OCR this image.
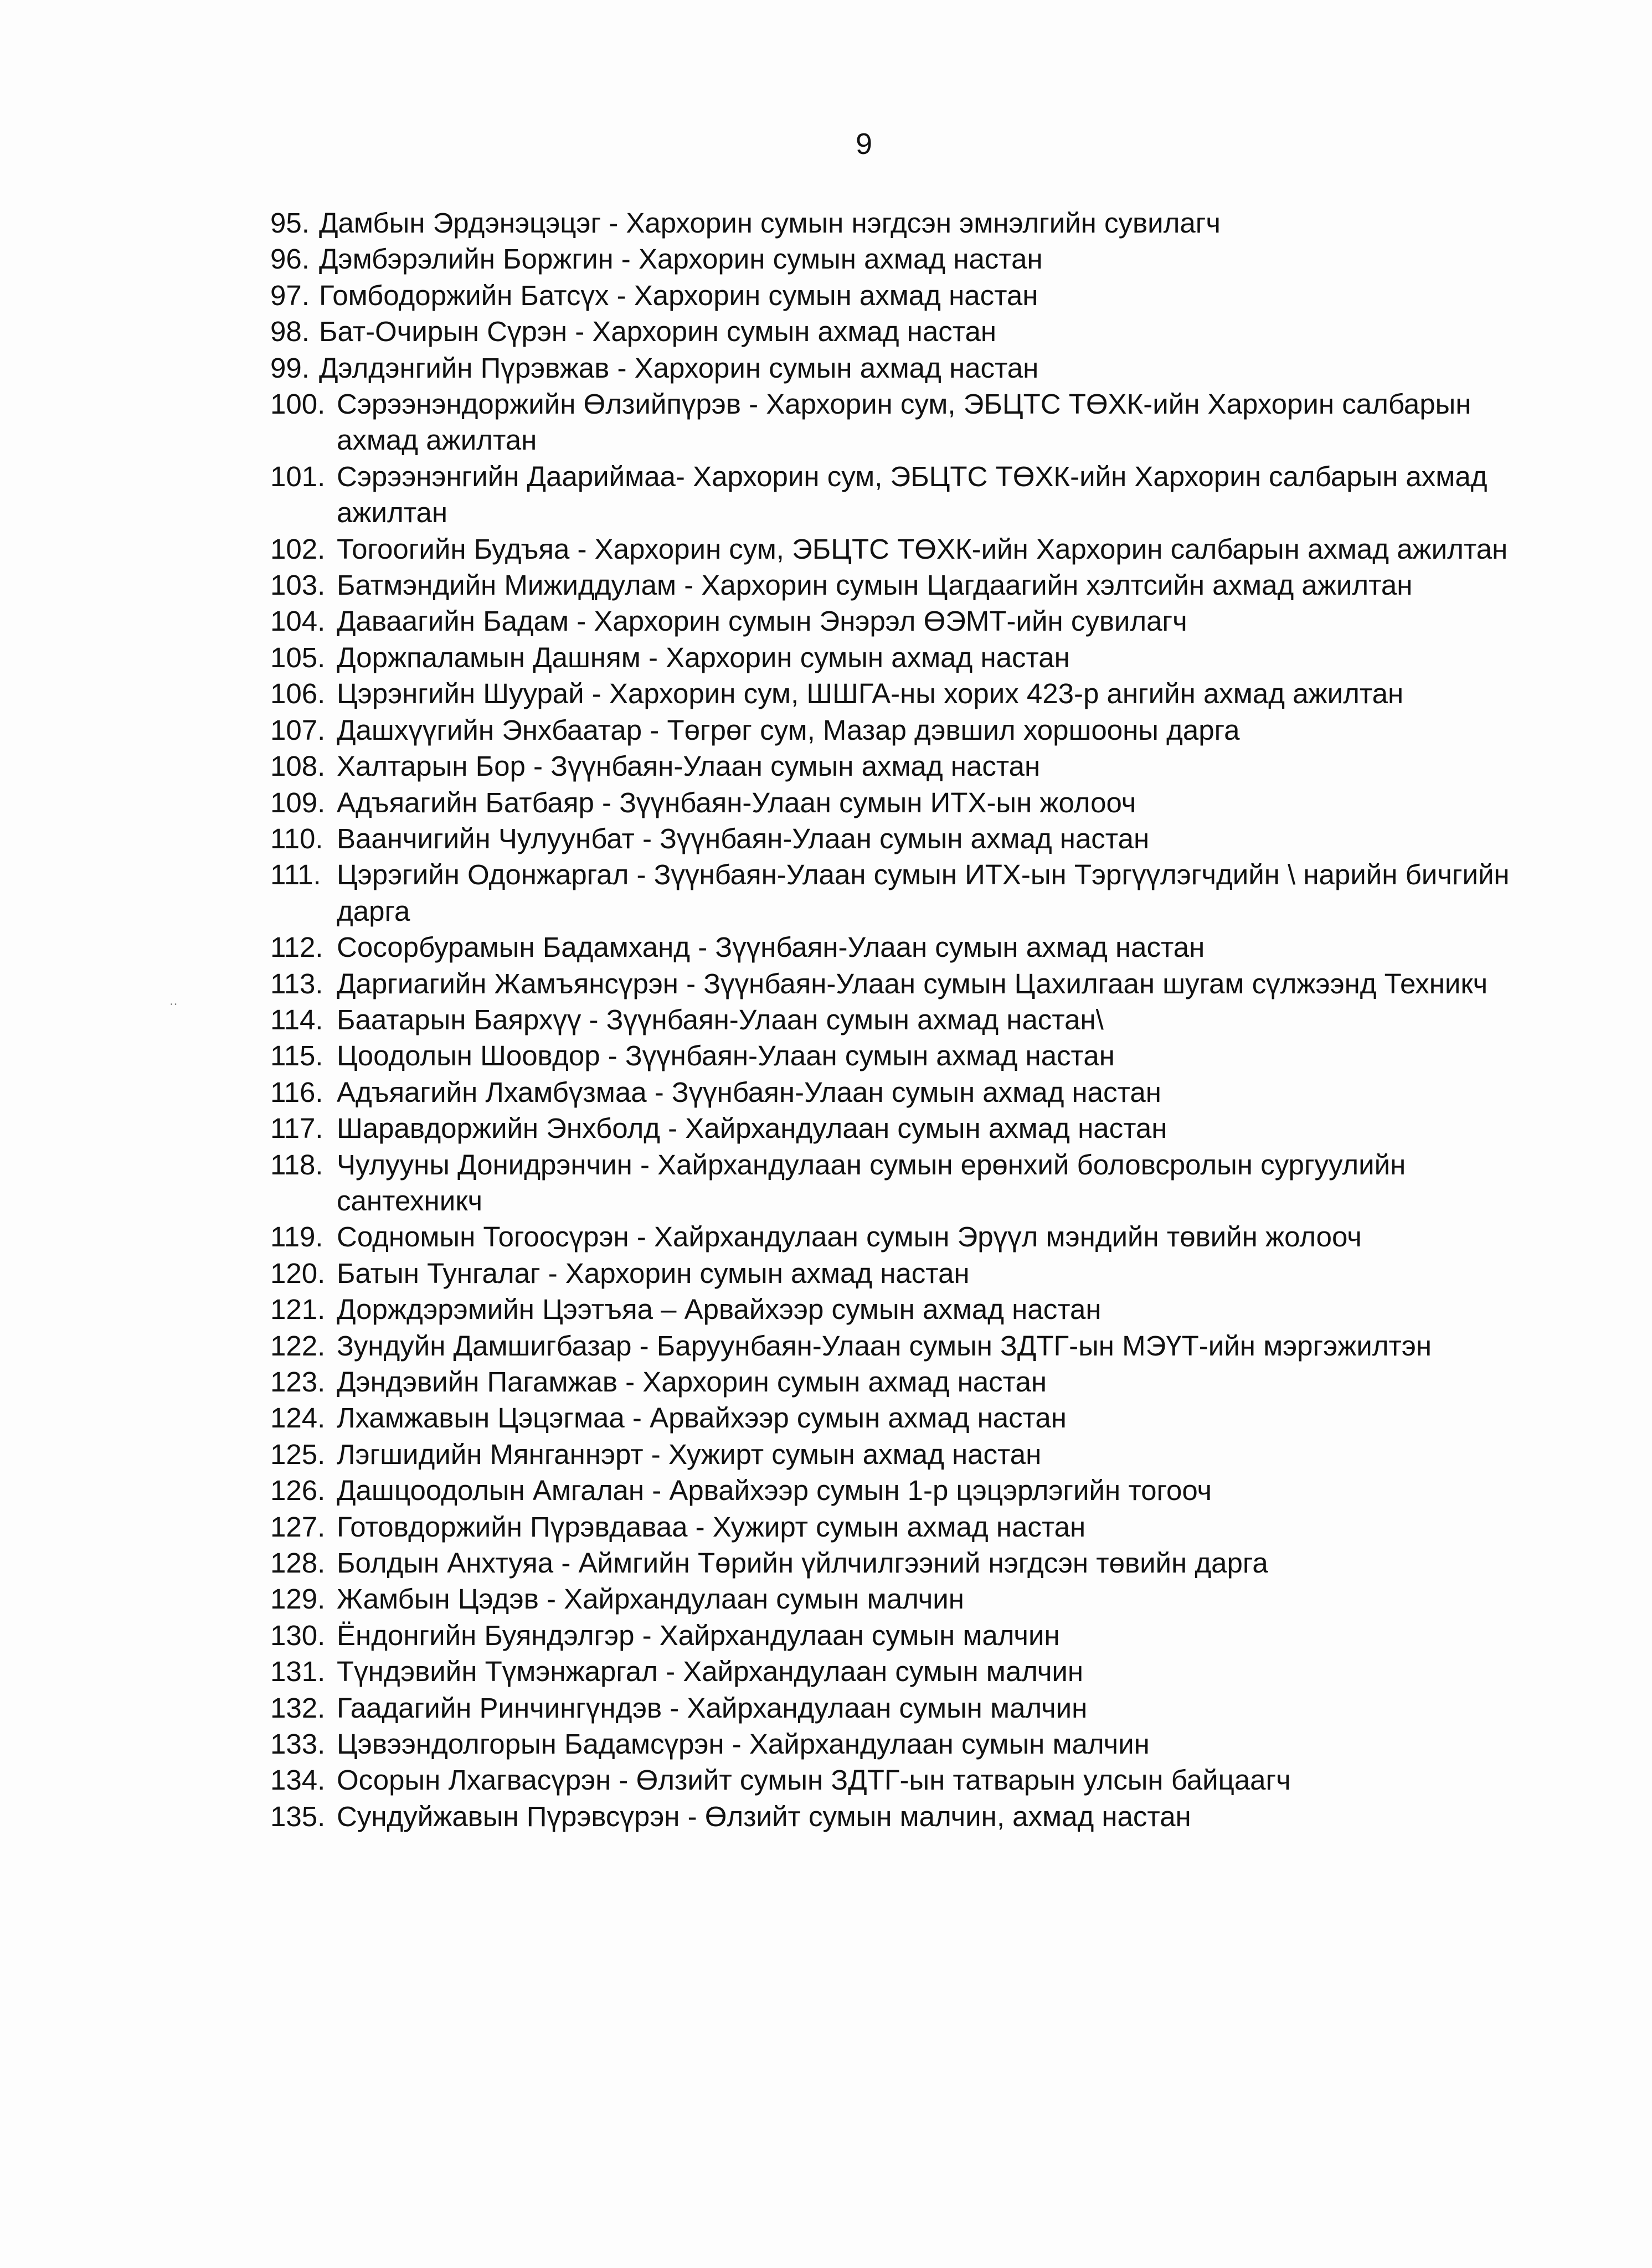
9
‥
95. Дамбын Эрдэнэцэцэг - Хархорин сумын нэгдсэн эмнэлгийн сувилагч
96. Дэмбэрэлийн Боржгин - Хархорин сумын ахмад настан
97. Гомбодоржийн Батсүх - Хархорин сумын ахмад настан
98. Бат-Очирын Сүрэн - Хархорин сумын ахмад настан
99. Дэлдэнгийн Пүрэвжав - Хархорин сумын ахмад настан
100. Сэрээнэндоржийн Өлзийпүрэв - Хархорин сум, ЭБЦТС ТӨХК-ийн Хархорин салбарын ахмад ажилтан
101. Сэрээнэнгийн Даариймаа- Хархорин сум, ЭБЦТС ТӨХК-ийн Хархорин салбарын ахмад ажилтан
102. Тогоогийн Будъяа - Хархорин сум, ЭБЦТС ТӨХК-ийн Хархорин салбарын ахмад ажилтан
103. Батмэндийн Мижиддулам - Хархорин сумын Цагдаагийн хэлтсийн ахмад ажилтан
104. Даваагийн Бадам - Хархорин сумын Энэрэл ӨЭМТ-ийн сувилагч
105. Доржпаламын Дашням - Хархорин сумын ахмад настан
106. Цэрэнгийн Шуурай - Хархорин сум, ШШГА-ны хорих 423-р ангийн ахмад ажилтан
107. Дашхүүгийн Энхбаатар - Төгрөг сум, Мазар дэвшил хоршооны дарга
108. Халтарын Бор - Зүүнбаян-Улаан сумын ахмад настан
109. Адъяагийн Батбаяр - Зүүнбаян-Улаан сумын ИТХ-ын жолооч
110. Ваанчигийн Чулуунбат - Зүүнбаян-Улаан сумын ахмад настан
111. Цэрэгийн Одонжаргал - Зүүнбаян-Улаан сумын ИТХ-ын Тэргүүлэгчдийн \ нарийн бичгийн дарга
112. Сосорбурамын Бадамханд - Зүүнбаян-Улаан сумын ахмад настан
113. Даргиагийн Жамъянсүрэн - Зүүнбаян-Улаан сумын Цахилгаан шугам сүлжээнд Техникч
114. Баатарын Баярхүү - Зүүнбаян-Улаан сумын ахмад настан\
115. Цоодолын Шоовдор - Зүүнбаян-Улаан сумын ахмад настан
116. Адъяагийн Лхамбүзмаа - Зүүнбаян-Улаан сумын ахмад настан
117. Шаравдоржийн Энхболд - Хайрхандулаан сумын ахмад настан
118. Чулууны Донидрэнчин - Хайрхандулаан сумын ерөнхий боловсролын сургуулийн сантехникч
119. Содномын Тогоосүрэн - Хайрхандулаан сумын Эрүүл мэндийн төвийн жолооч
120. Батын Тунгалаг - Хархорин сумын ахмад настан
121. Дорждэрэмийн Цээтъяа – Арвайхээр сумын ахмад настан
122. Зундуйн Дамшигбазар - Баруунбаян-Улаан сумын ЗДТГ-ын МЭҮТ-ийн мэргэжилтэн
123. Дэндэвийн Пагамжав - Хархорин сумын ахмад настан
124. Лхамжавын Цэцэгмаа - Арвайхээр сумын ахмад настан
125. Лэгшидийн Мянганнэрт - Хужирт сумын ахмад настан
126. Дашцоодолын Амгалан - Арвайхээр сумын 1-р цэцэрлэгийн тогооч
127. Готовдоржийн Пүрэвдаваа - Хужирт сумын ахмад настан
128. Болдын Анхтуяа - Аймгийн Төрийн үйлчилгээний нэгдсэн төвийн дарга
129. Жамбын Цэдэв - Хайрхандулаан сумын малчин
130. Ёндонгийн Буяндэлгэр - Хайрхандулаан сумын малчин
131. Түндэвийн Түмэнжаргал - Хайрхандулаан сумын малчин
132. Гаадагийн Ринчингүндэв - Хайрхандулаан сумын малчин
133. Цэвээндолгорын Бадамсүрэн - Хайрхандулаан сумын малчин
134. Осорын Лхагвасүрэн - Өлзийт сумын ЗДТГ-ын татварын улсын байцаагч
135. Сундуйжавын Пүрэвсүрэн - Өлзийт сумын малчин, ахмад настан
